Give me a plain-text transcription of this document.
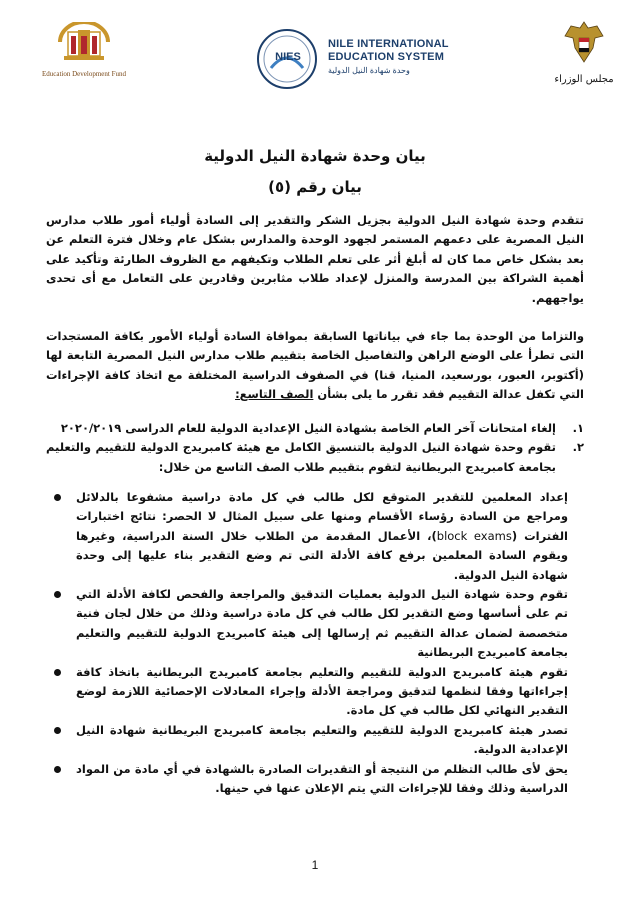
Education Development Fund
NIES
NILE INTERNATIONAL
EDUCATION SYSTEM
وحدة شهادة النيل الدولية
مجلس الوزراء
بيان وحدة شهادة النيل الدولية
بيان رقم (٥)
تتقدم وحدة شهادة النيل الدولية بجزيل الشكر والتقدير إلى السادة أولياء أمور طلاب مدارس النيل المصرية على دعمهم المستمر لجهود الوحدة والمدارس بشكل عام وخلال فترة التعلم عن بعد بشكل خاص مما كان له أبلغ أثر على تعلم الطلاب وتكيفهم مع الظروف الطارئة وتأكيد على أهمية الشراكة بين المدرسة والمنزل لإعداد طلاب مثابرين وقادرين على التعامل مع أى تحدى يواجههم.
والتزاما من الوحدة بما جاء في بياناتها السابقة بموافاة السادة أولياء الأمور بكافة المستجدات التى تطرأ على الوضع الراهن والتفاصيل الخاصة بتقييم طلاب مدارس النيل المصرية التابعة لها (أكتوبر، العبور، بورسعيد، المنيا، قنا) في الصفوف الدراسية المختلفة مع اتخاذ كافة الإجراءات التي تكفل عدالة التقييم فقد تقرر ما يلى بشأن الصف التاسع:
١.
إلغاء امتحانات آخر العام الخاصة بشهادة النيل الإعدادية الدولية للعام الدراسى ٢٠٢٠/٢٠١٩
٢.
تقوم وحدة شهادة النيل الدولية بالتنسيق الكامل مع هيئة كامبريدج الدولية للتقييم والتعليم بجامعة كامبريدج البريطانية لتقوم بتقييم طلاب الصف التاسع من خلال:
إعداد المعلمين للتقدير المتوقع لكل طالب في كل مادة دراسية مشفوعا بالدلائل ومراجع من السادة رؤساء الأقسام ومنها على سبيل المثال لا الحصر: نتائج اختبارات الفترات (block exams)، الأعمال المقدمة من الطلاب خلال السنة الدراسية، وغيرها ويقوم السادة المعلمين برفع كافة الأدلة التى تم وضع التقدير بناء عليها إلى وحدة شهادة النيل الدولية.
تقوم وحدة شهادة النيل الدولية بعمليات التدقيق والمراجعة والفحص لكافة الأدلة التي تم على أساسها وضع التقدير لكل طالب في كل مادة دراسية وذلك من خلال لجان فنية متخصصة لضمان عدالة التقييم ثم إرسالها إلى هيئة كامبريدج الدولية للتقييم والتعليم بجامعة كامبريدج البريطانية
تقوم هيئة كامبريدج الدولية للتقييم والتعليم بجامعة كامبريدج البريطانية باتخاذ كافة إجراءاتها وفقا لنظمها لتدقيق ومراجعة الأدلة وإجراء المعادلات الإحصائية اللازمة لوضع التقدير النهائي لكل طالب في كل مادة.
تصدر هيئة كامبريدج الدولية للتقييم والتعليم بجامعة كامبريدج البريطانية شهادة النيل الإعدادية الدولية.
يحق لأى طالب التظلم من النتيجة أو التقديرات الصادرة بالشهادة في أي مادة من المواد الدراسية وذلك وفقا للإجراءات التي يتم الإعلان عنها في حينها.
1
